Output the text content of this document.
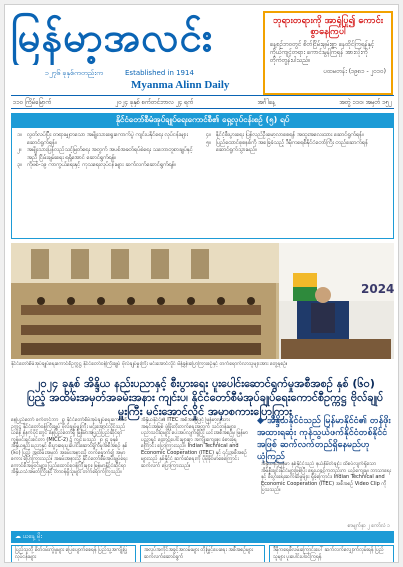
မြန်မာ့အလင်း
၁၂၇၆ ခုနှစ်ကတည်းက	Established in 1914
Myanma Alinn Daily
ဘုရားတရားကို အာရုံပြု၍ ကောင်းစွာနေကြပါ
နေ့စဉ်ဘဝတွင် စိတ်ငြိမ်းချမ်းစွာ နေထိုင်ကြရန်နှင့် ကိုယ်ကျင့်တရား ကောင်းမွန်ကြရန် အားလုံးကို တိုက်တွန်းပါသည်။
ပထမတန်း (၁၉၈၁ - ၂၀၁၀)
၁၁၀ ကြိမ်မြောက်	၂၀၂၄ ခုနှစ် စက်တင်ဘာလ ၂၄ ရက်	အင်္ဂါနေ့	အတွဲ ၁၁၀၊ အမှတ် ၁၅၂
နိုင်ငံတော်စီမံအုပ်ချုပ်ရေးကောင်စီ၏ ရှေ့လုပ်ငန်းစဉ် (၅) ရပ်
၁။ လွတ်လပ်ပြီး တရားမျှတသော အမျိုးသားရွေးကောက်ပွဲ ကျင်းပနိုင်ရေး လုပ်ငန်းများ ဆောင်ရွက်ရန်။
၂။	အမျိုးသားပြန်လည်သင့်မြတ်ရေး အတွက် အပစ်အခတ်ရပ်စဲရေး သဘောတူစာချုပ်နှင့်အညီ ငြိမ်းချမ်းရေး ရရှိအောင် ဆောင်ရွက်ရန်။
၃။ ကိုဗစ်-၁၉ ကာကွယ်ရေးနှင့် ကုသရေးလုပ်ငန်းများ ဆက်လက်ဆောင်ရွက်ရန်။
၄။ နိုင်ငံ့စီးပွားရေး ပြန်လည်ဦးမော့လာစေရန် အထူးအလေးထား ဆောင်ရွက်ရန်။
၅။ ပြည်ထောင်စုစနစ်ကို အခြေခံသည့် ဒီမိုကရေစီနိုင်ငံတော်ကြီး တည်ဆောက်ရန် ဆောင်ရွက်သွားမည်။
2024
နိုင်ငံတော်စီမံအုပ်ချုပ်ရေးကောင်စီဥက္ကဋ္ဌ နိုင်ငံတော်ဝန်ကြီးချုပ် ဗိုလ်ချုပ်မှူးကြီး မင်းအောင်လှိုင် မိန့်ခွန်းပြောကြားစဉ်နှင့် တက်ရောက်လာသူများအား တွေ့ရစဉ်။
၂၀၂၄ ခုနှစ် အိန္ဒိယ နည်းပညာနှင့် စီးပွားရေး ပူးပေါင်းဆောင်ရွက်မှုအစီအစဉ် နှစ် (၆၀) ပြည့် အထိမ်းအမှတ်အခမ်းအနား ကျင်းပ၊ နိုင်ငံတော်စီမံအုပ်ချုပ်ရေးကောင်စီဥက္ကဋ္ဌ ဗိုလ်ချုပ်မှူးကြီး မင်းအောင်လှိုင် အမှာစကားပြောကြား
နေပြည်တော် စက်တင်ဘာ ၂၃ နိုင်ငံတော်စီမံအုပ်ချုပ်ရေးကောင်စီဥက္ကဋ္ဌ နိုင်ငံတော်ဝန်ကြီးချုပ် ဗိုလ်ချုပ်မှူးကြီး မင်းအောင်လှိုင်သည် ယနေ့ နံနက်ပိုင်းတွင် နေပြည်တော်ရှိ မြန်မာအပြည်ပြည်ဆိုင်ရာ ကွန်ဗင်းရှင်းစင်တာ (MICC-2) ၌ ကျင်းပသည့် ၂၀၂၄ ခုနှစ် အိန္ဒိယနည်းပညာနှင့် စီးပွားရေးပူးပေါင်းဆောင်ရွက်မှုအစီအစဉ် နှစ် (၆၀) ပြည့် အထိမ်းအမှတ် အခမ်းအနားသို့ တက်ရောက်၍ အမှာစကား ပြောကြားသည်။ အခမ်းအနားသို့ နိုင်ငံတော်စီမံအုပ်ချုပ်ရေးကောင်စီအဖွဲ့ဝင်များ၊ ပြည်ထောင်စုဝန်ကြီးများ၊ မြန်မာနိုင်ငံဆိုင်ရာ အိန္ဒိယသံအမတ်ကြီးနှင့် တာဝန်ရှိသူများ တက်ရောက်ကြသည်။
အိန္ဒိယနိုင်ငံ၏ ITEC အစီအစဉ်ဖြင့် မြန်မာ့လူသားအရင်းအမြစ် ဖွံ့ဖြိုးတိုးတက်ရေးအတွက် သင်တန်းများ၊ ပညာသင်ဆုများ ပေးအပ်လျက်ရှိပြီး ယင်းအစီအစဉ်မှ မြန်မာပညာရှင် ထောင်ပေါင်းများစွာ အကျိုးကျေးဇူး ခံစားခဲ့ရကြောင်း ပြောကြားသည်။ Indian Technical and Economic Cooperation (ITEC) နှင့် ၎င်းအစီအစဉ်များသည် နှစ်နိုင်ငံ ဆက်ဆံရေးကို ပိုမိုခိုင်မာစေကြောင်း ဆက်လက် ပြောကြားသည်။
◆ အိန္ဒိယနိုင်ငံသည် မြန်မာနိုင်ငံ၏ တန်ဖိုးအထားရဆုံး ကုန်သွယ်ဖက်နိုင်ငံတစ်နိုင်ငံအဖြစ် ဆက်လက်တည်ရှိနေမည်ဟု ယုံကြည်
အိန္ဒိယနှင့်မြန်မာ နှစ်နိုင်ငံသည် နယ်နိမိတ်ချင်း ထိစပ်လျက်ရှိသော အိမ်နီးချင်းနိုင်ငံများဖြစ်ပြီး ရှေးယခင်ကတည်းက ယဉ်ကျေးမှု၊ ဘာသာရေးနှင့် စီးပွားရေးဆက်ဆံမှုများ ရှိခဲ့ကြောင်း၊ Indian Technical and Economic Cooperation (ITEC) အစီအစဉ် Video Clip ကို ပြသသည်။
စာမျက်နှာ ၂ ကော်လံ ၁
☁ ယနေ့ မိုး
ပြည်သူတို့ စိတ်ဝမ်းကွဲမှုများ ပြေပျောက်စေရန် ပြည်သူ့အကျိုးပြု လုပ်ငန်းများ
အလုပ်အကိုင်အခွင့်အလမ်းများ တိုးမြှင့်ပေးရေး အစီအစဉ်များ ဆက်လက်ဆောင်ရွက်
ဒီမိုကရေစီလမ်းကြောင်းပေါ် ဆက်လက်လျှောက်လှမ်းရန် ပြည်သူများ ပူးပေါင်းပါဝင်ကြရန်
